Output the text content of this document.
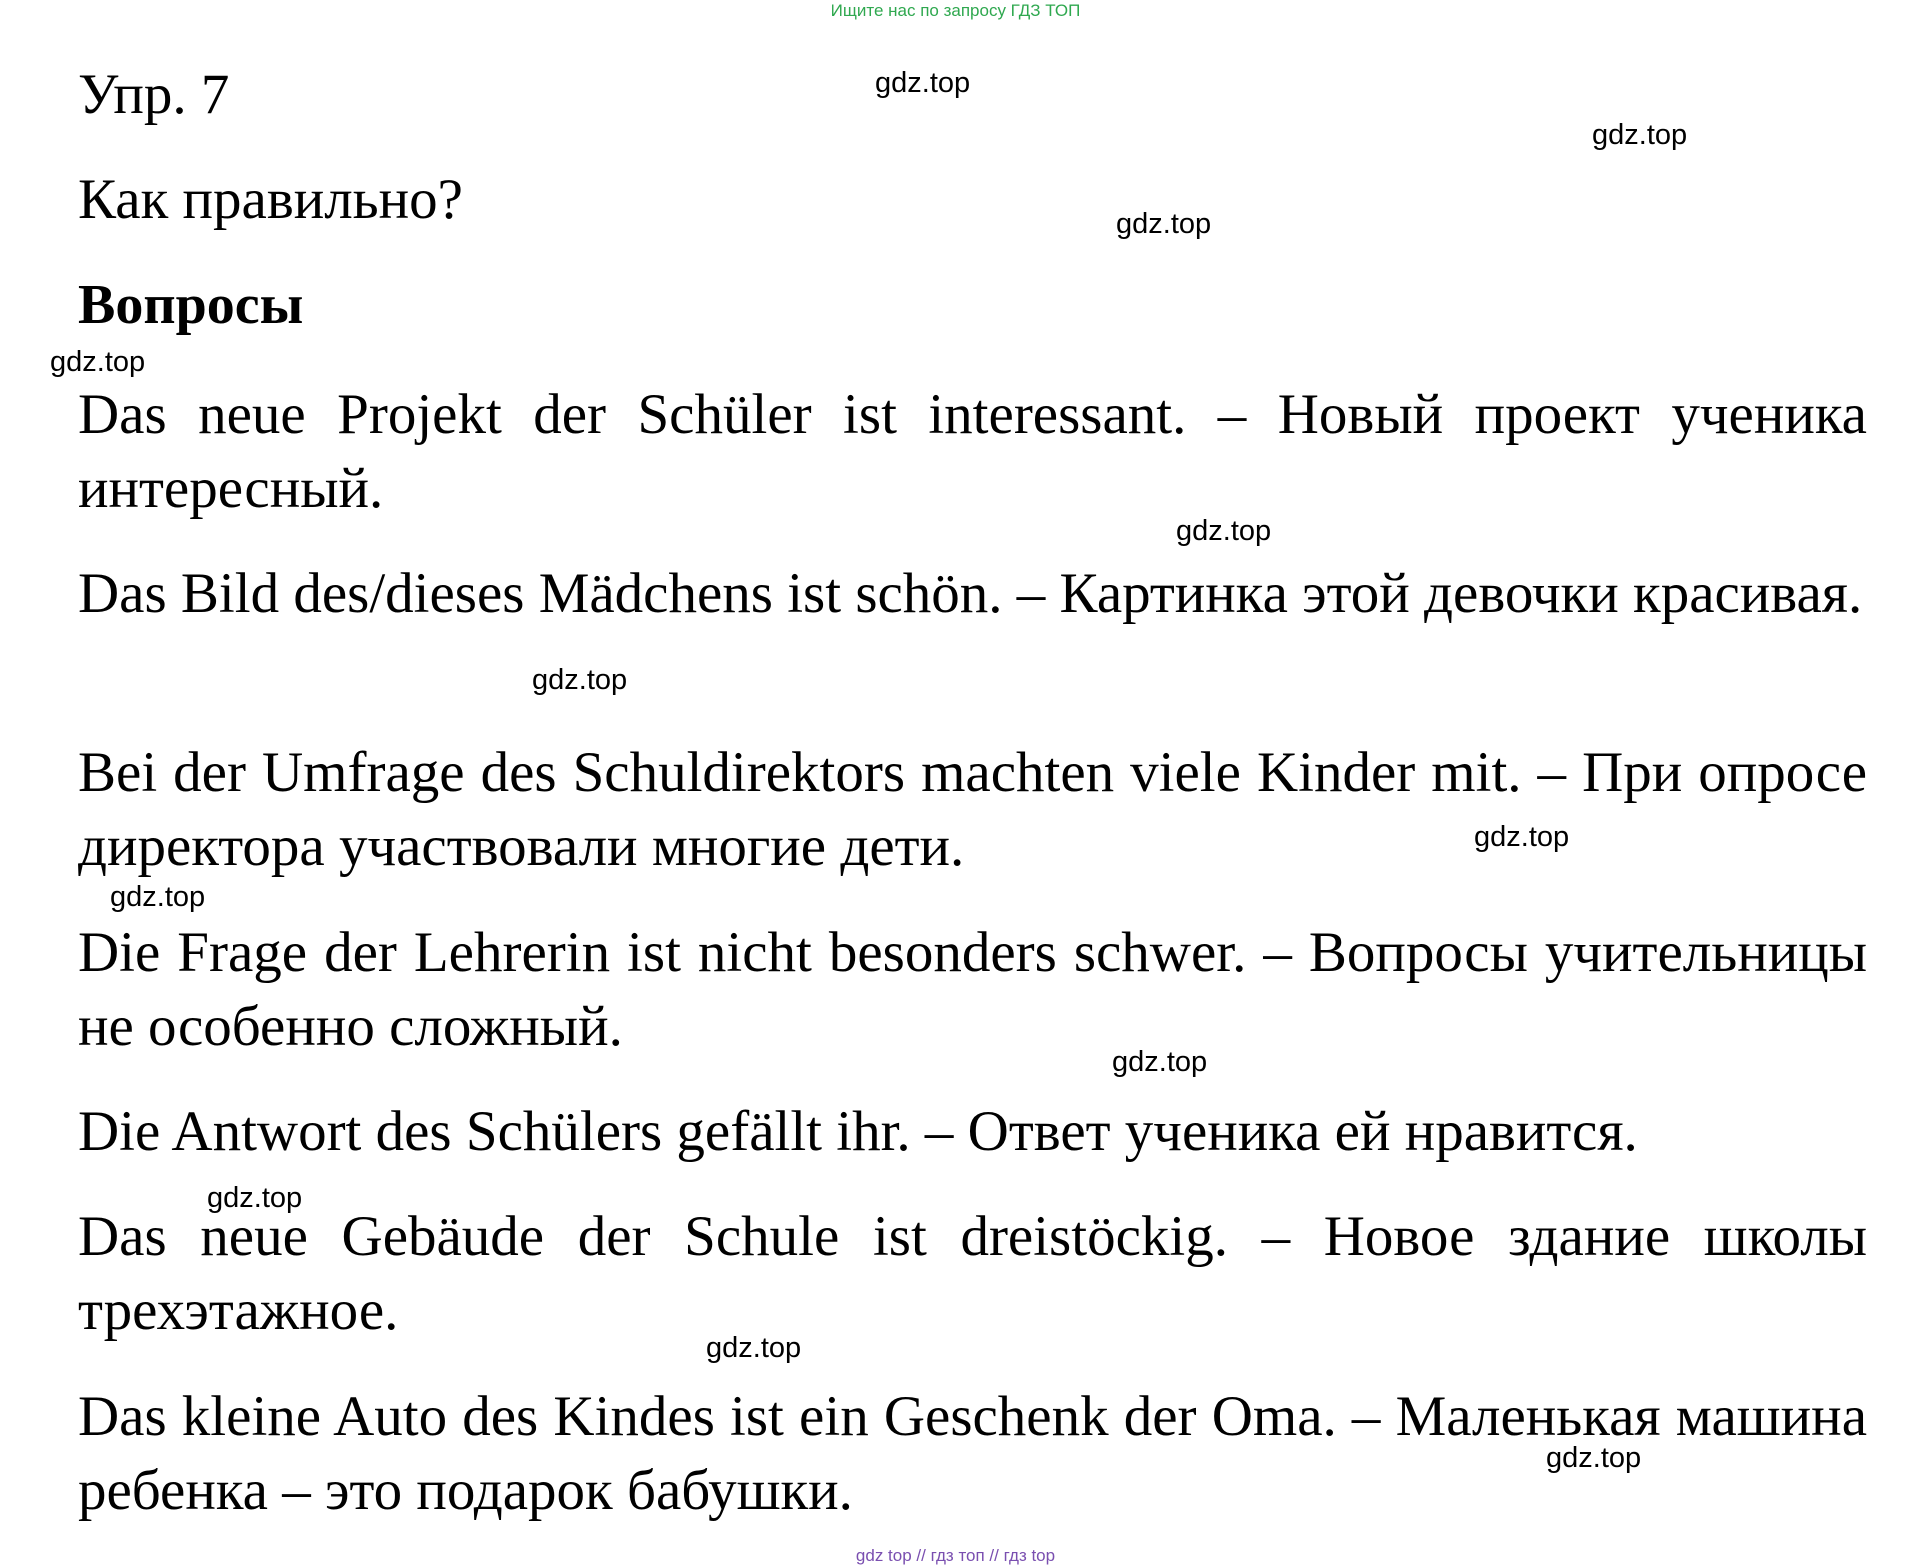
Ищите нас по запросу ГДЗ ТОП
Упр. 7
Как правильно?
Вопросы
Das neue Projekt der Schüler ist interessant. – Новый проект ученика интересный.
Das Bild des/dieses Mädchens ist schön. – Картинка этой девочки красивая.
Bei der Umfrage des Schuldirektors machten viele Kinder mit. – При опросе директора участвовали многие дети.
Die Frage der Lehrerin ist nicht besonders schwer. – Вопросы учительницы не особенно сложный.
Die Antwort des Schülers gefällt ihr. – Ответ ученика ей нравится.
Das neue Gebäude der Schule ist dreistöckig. – Новое здание школы трехэтажное.
Das kleine Auto des Kindes ist ein Geschenk der Oma. – Маленькая машина ребенка – это подарок бабушки.
gdz.top
gdz.top
gdz.top
gdz.top
gdz.top
gdz.top
gdz.top
gdz.top
gdz.top
gdz.top
gdz.top
gdz.top
gdz top // гдз топ // гдз top
